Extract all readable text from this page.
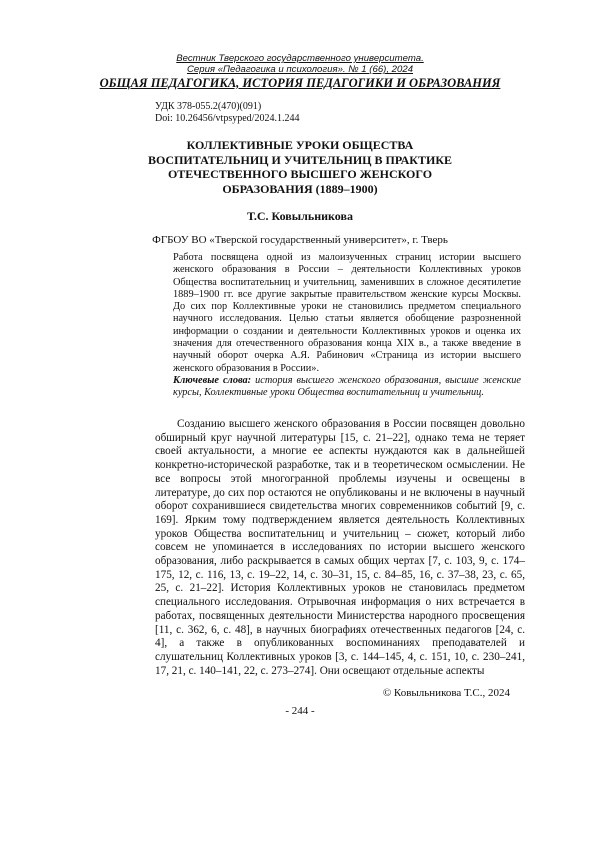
Вестник Тверского государственного университета.
Серия «Педагогика и психология». № 1 (66), 2024
ОБЩАЯ ПЕДАГОГИКА, ИСТОРИЯ ПЕДАГОГИКИ И ОБРАЗОВАНИЯ
УДК 378-055.2(470)(091)
Doi: 10.26456/vtpsyped/2024.1.244
КОЛЛЕКТИВНЫЕ УРОКИ ОБЩЕСТВА ВОСПИТАТЕЛЬНИЦ И УЧИТЕЛЬНИЦ В ПРАКТИКЕ ОТЕЧЕСТВЕННОГО ВЫСШЕГО ЖЕНСКОГО ОБРАЗОВАНИЯ (1889–1900)
Т.С. Ковыльникова
ФГБОУ ВО «Тверской государственный университет», г. Тверь

Работа посвящена одной из малоизученных страниц истории высшего женского образования в России – деятельности Коллективных уроков Общества воспитательниц и учительниц, заменивших в сложное десятилетие 1889–1900 гг. все другие закрытые правительством женские курсы Москвы. До сих пор Коллективные уроки не становились предметом специального научного исследования. Целью статьи является обобщение разрозненной информации о создании и деятельности Коллективных уроков и оценка их значения для отечественного образования конца XIX в., а также введение в научный оборот очерка А.Я. Рабинович «Страница из истории высшего женского образования в России».

Ключевые слова: история высшего женского образования, высшие женские курсы, Коллективные уроки Общества воспитательниц и учительниц.

Созданию высшего женского образования в России посвящен довольно обширный круг научной литературы [15, с. 21–22], однако тема не теряет своей актуальности, а многие ее аспекты нуждаются как в дальнейшей конкретно-исторической разработке, так и в теоретическом осмыслении. Не все вопросы этой многогранной проблемы изучены и освещены в литературе, до сих пор остаются не опубликованы и не включены в научный оборот сохранившиеся свидетельства многих современников событий [9, с. 169]. Ярким тому подтверждением является деятельность Коллективных уроков Общества воспитательниц и учительниц – сюжет, который либо совсем не упоминается в исследованиях по истории высшего женского образования, либо раскрывается в самых общих чертах [7, с. 103, 9, с. 174–175, 12, с. 116, 13, с. 19–22, 14, с. 30–31, 15, с. 84–85, 16, с. 37–38, 23, с. 65, 25, с. 21–22]. История Коллективных уроков не становилась предметом специального исследования. Отрывочная информация о них встречается в работах, посвященных деятельности Министерства народного просвещения [11, с. 362, 6, с. 48], в научных биографиях отечественных педагогов [24, с. 4], а также в опубликованных воспоминаниях преподавателей и слушательниц Коллективных уроков [3, с. 144–145, 4, с. 151, 10, с. 230–241, 17, 21, с. 140–141, 22, с. 273–274]. Они освещают отдельные аспекты

© Ковыльникова Т.С., 2024
- 244 -
